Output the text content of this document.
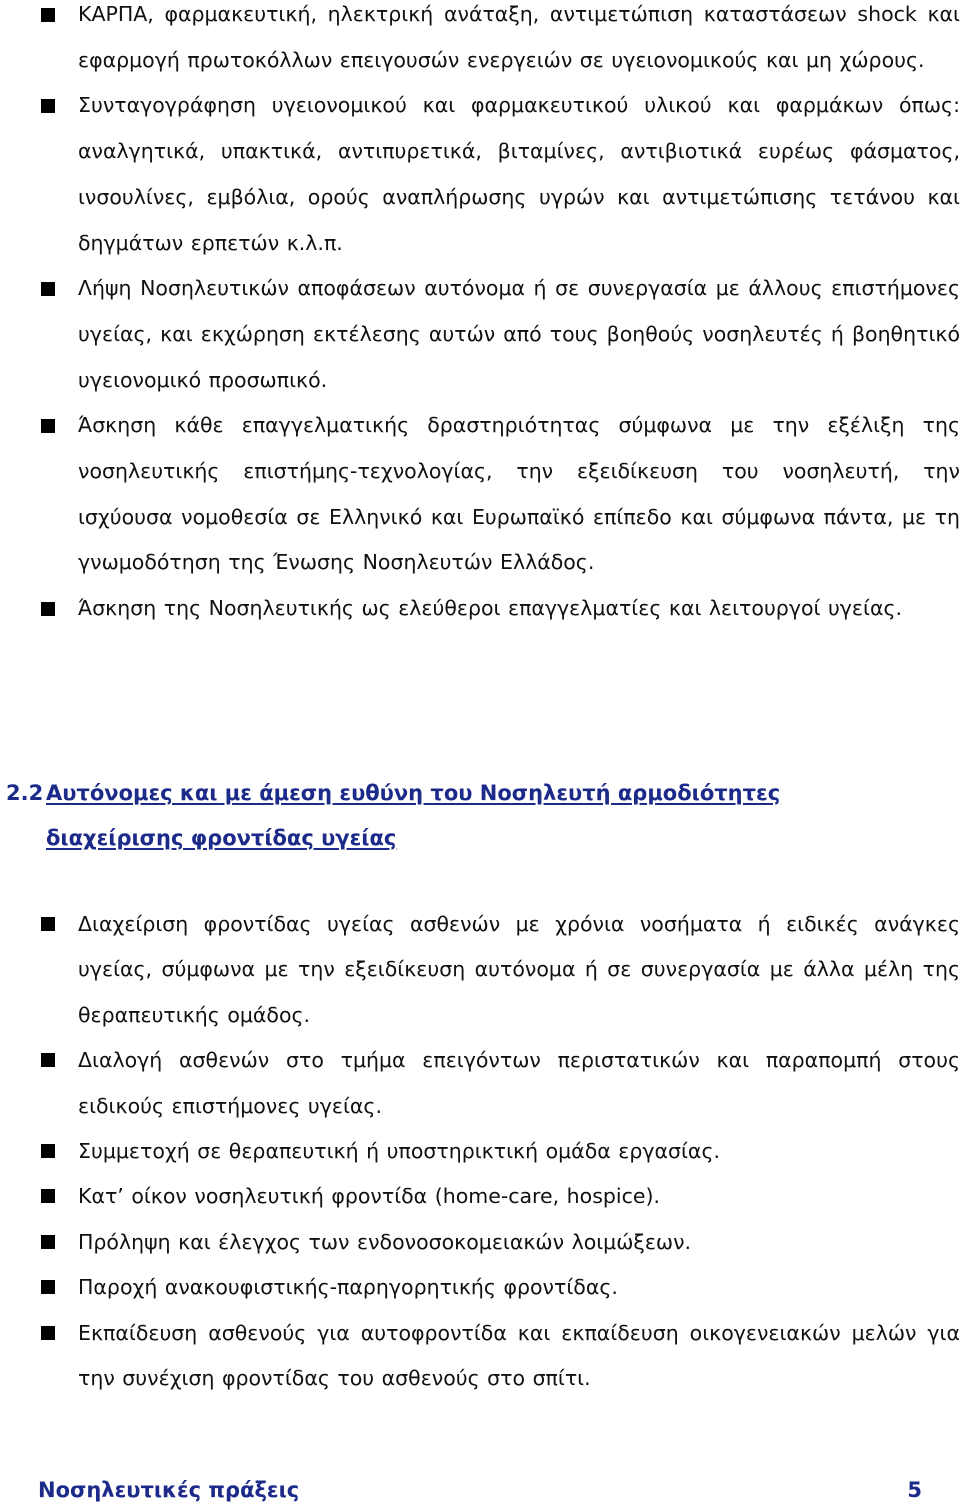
ΚΑΡΠΑ, φαρμακευτική, ηλεκτρική ανάταξη, αντιμετώπιση καταστάσεων shock και εφαρμογή πρωτοκόλλων επειγουσών ενεργειών σε υγειονομικούς και μη χώρους.
Συνταγογράφηση υγειονομικού και φαρμακευτικού υλικού και φαρμάκων όπως: αναλγητικά, υπακτικά, αντιπυρετικά, βιταμίνες, αντιβιοτικά ευρέως φάσματος, ινσουλίνες, εμβόλια, ορούς αναπλήρωσης υγρών και αντιμετώπισης τετάνου και δηγμάτων ερπετών κ.λ.π.
Λήψη Νοσηλευτικών αποφάσεων αυτόνομα ή σε συνεργασία με άλλους επιστήμονες υγείας, και εκχώρηση εκτέλεσης αυτών από τους βοηθούς νοσηλευτές ή βοηθητικό υγειονομικό προσωπικό.
Άσκηση κάθε επαγγελματικής δραστηριότητας σύμφωνα με την εξέλιξη της νοσηλευτικής επιστήμης-τεχνολογίας, την εξειδίκευση του νοσηλευτή, την ισχύουσα νομοθεσία σε Ελληνικό και Ευρωπαϊκό επίπεδο και σύμφωνα πάντα, με τη γνωμοδότηση της Ένωσης Νοσηλευτών Ελλάδος.
Άσκηση της Νοσηλευτικής ως ελεύθεροι επαγγελματίες και λειτουργοί υγείας.
2.2 Αυτόνομες και με άμεση ευθύνη του Νοσηλευτή αρμοδιότητες
διαχείρισης φροντίδας υγείας
Διαχείριση φροντίδας υγείας ασθενών με χρόνια νοσήματα ή ειδικές ανάγκες υγείας, σύμφωνα με την εξειδίκευση αυτόνομα ή σε συνεργασία με άλλα μέλη της θεραπευτικής ομάδος.
Διαλογή ασθενών στο τμήμα επειγόντων περιστατικών και παραπομπή στους ειδικούς επιστήμονες υγείας.
Συμμετοχή σε θεραπευτική ή υποστηρικτική ομάδα εργασίας.
Κατ’ οίκον νοσηλευτική φροντίδα (home-care, hospice).
Πρόληψη και έλεγχος των ενδονοσοκομειακών λοιμώξεων.
Παροχή ανακουφιστικής-παρηγορητικής φροντίδας.
Εκπαίδευση ασθενούς για αυτοφροντίδα και εκπαίδευση οικογενειακών μελών για την συνέχιση φροντίδας του ασθενούς στο σπίτι.
Νοσηλευτικές πράξεις	5
